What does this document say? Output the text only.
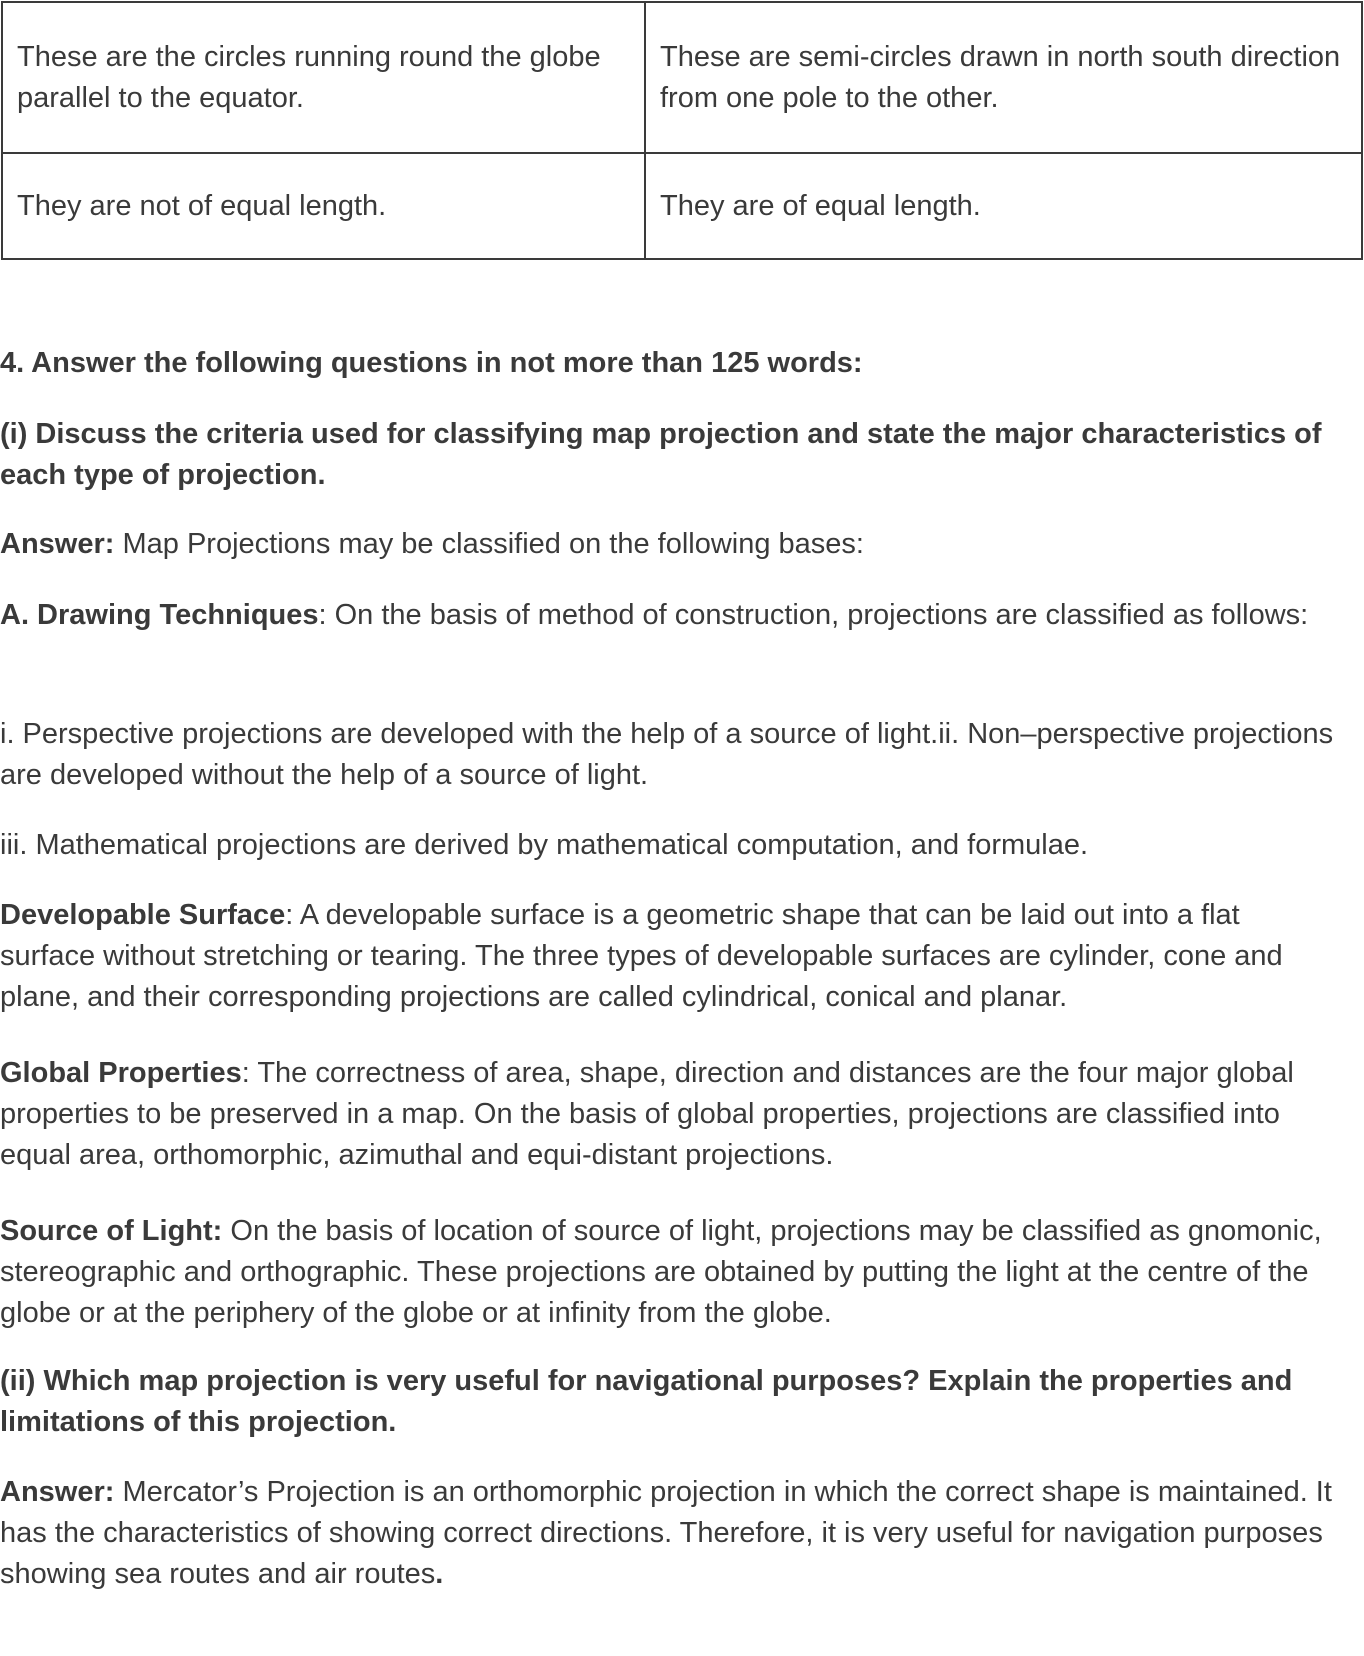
These are the circles running round the globe parallel to the equator.	These are semi-circles drawn in north south direction from one pole to the other.
They are not of equal length.	They are of equal length.

4. Answer the following questions in not more than 125 words:

(i) Discuss the criteria used for classifying map projection and state the major characteristics of each type of projection.

Answer: Map Projections may be classified on the following bases:

A. Drawing Techniques: On the basis of method of construction, projections are classified as follows:

i. Perspective projections are developed with the help of a source of light.ii. Non–perspective projections are developed without the help of a source of light.

iii. Mathematical projections are derived by mathematical computation, and formulae.

Developable Surface: A developable surface is a geometric shape that can be laid out into a flat surface without stretching or tearing. The three types of developable surfaces are cylinder, cone and plane, and their corresponding projections are called cylindrical, conical and planar.

Global Properties: The correctness of area, shape, direction and distances are the four major global properties to be preserved in a map. On the basis of global properties, projections are classified into equal area, orthomorphic, azimuthal and equi-distant projections.

Source of Light: On the basis of location of source of light, projections may be classified as gnomonic, stereographic and orthographic. These projections are obtained by putting the light at the centre of the globe or at the periphery of the globe or at infinity from the globe.

(ii) Which map projection is very useful for navigational purposes? Explain the properties and limitations of this projection.

Answer: Mercator’s Projection is an orthomorphic projection in which the correct shape is maintained. It has the characteristics of showing correct directions. Therefore, it is very useful for navigation purposes showing sea routes and air routes.
